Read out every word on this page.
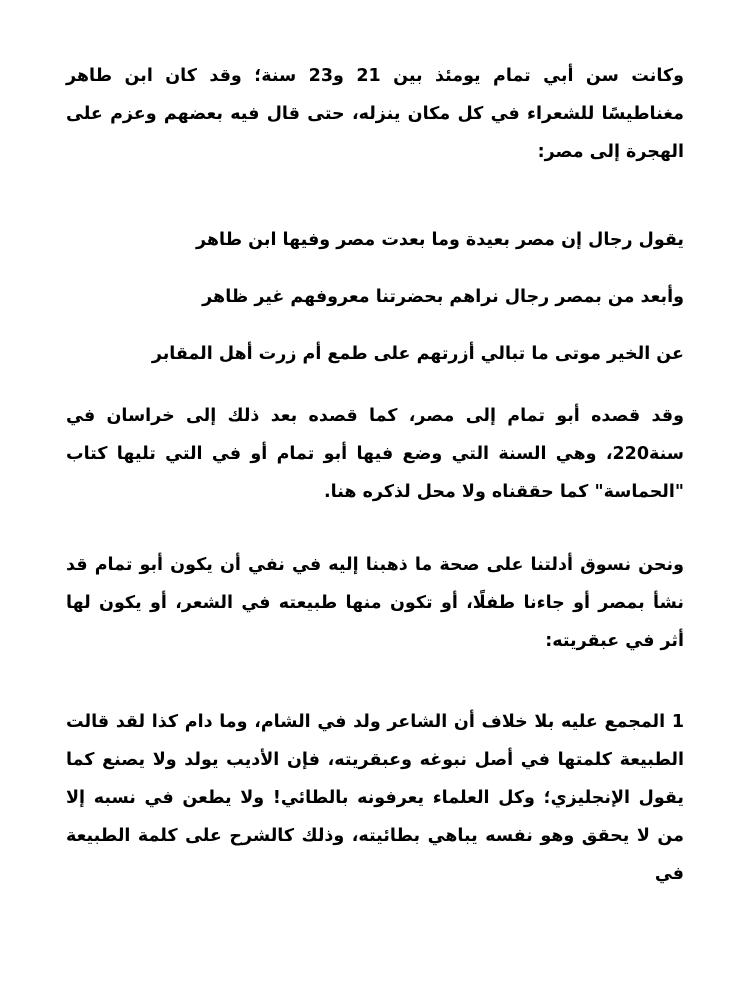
وكانت سن أبي تمام يومئذ بين 21 و23 سنة؛ وقد كان ابن طاهر مغناطيسًا للشعراء في كل مكان ينزله، حتى قال فيه بعضهم وعزم على الهجرة إلى مصر:

يقول رجال إن مصر بعيدة وما بعدت مصر وفيها ابن طاهر

وأبعد من بمصر رجال نراهم بحضرتنا معروفهم غير ظاهر

عن الخير موتى ما تبالي أزرتهم على طمع أم زرت أهل المقابر

وقد قصده أبو تمام إلى مصر، كما قصده بعد ذلك إلى خراسان في سنة220، وهي السنة التي وضع فيها أبو تمام أو في التي تليها كتاب "الحماسة" كما حققناه ولا محل لذكره هنا.

ونحن نسوق أدلتنا على صحة ما ذهبنا إليه في نفي أن يكون أبو تمام قد نشأ بمصر أو جاءنا طفلًا، أو تكون منها طبيعته في الشعر، أو يكون لها أثر في عبقريته:

1 المجمع عليه بلا خلاف أن الشاعر ولد في الشام، وما دام كذا لقد قالت الطبيعة كلمتها في أصل نبوغه وعبقريته، فإن الأديب يولد ولا يصنع كما يقول الإنجليزي؛ وكل العلماء يعرفونه بالطائي! ولا يطعن في نسبه إلا من لا يحقق وهو نفسه يباهي بطائيته، وذلك كالشرح على كلمة الطبيعة في
